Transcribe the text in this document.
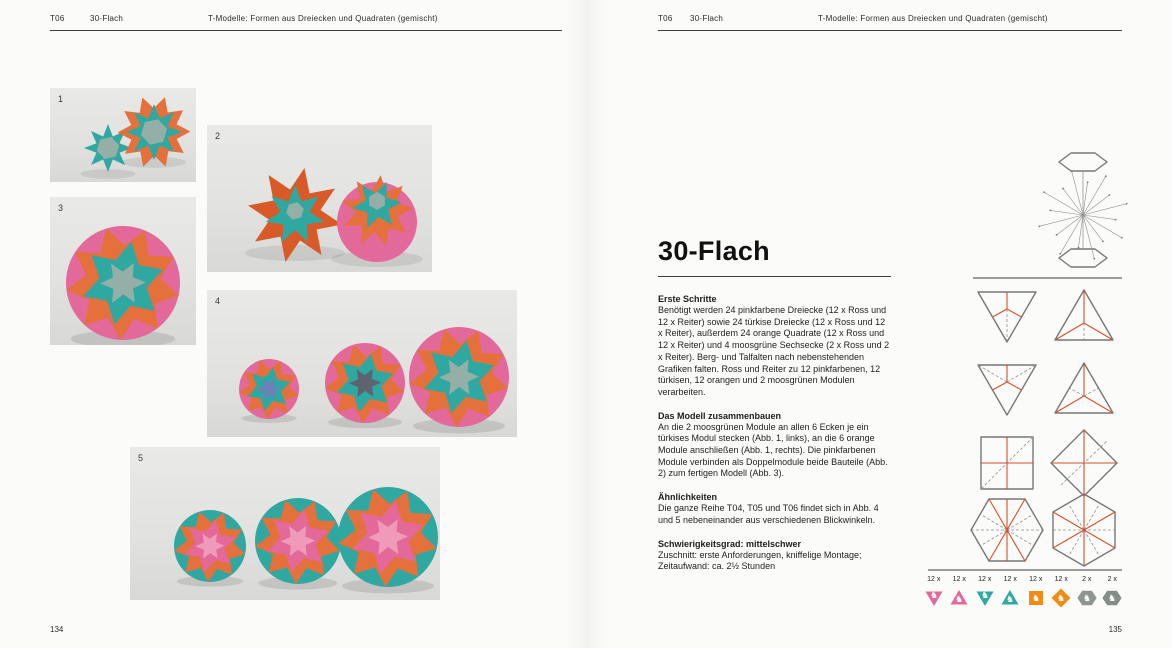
T06	30-Flach	T-Modelle: Formen aus Dreiecken und Quadraten (gemischt)
1
2
3
4
5
134
T06 30-Flach	T-Modelle: Formen aus Dreiecken und Quadraten (gemischt)
30-Flach
Erste Schritte

Benötigt werden 24 pinkfarbene Dreiecke (12 x Ross und 12 x Reiter) sowie 24 türkise Dreiecke (12 x Ross und 12 x Reiter), außerdem 24 orange Quadrate (12 x Ross und 12 x Reiter) und 4 moosgrüne Sechsecke (2 x Ross und 2 x Reiter). Berg- und Talfalten nach nebenstehenden Grafiken falten. Ross und Reiter zu 12 pinkfarbenen, 12 türkisen, 12 orangen und 2 moosgrünen Modulen verarbeiten.

Das Modell zusammenbauen

An die 2 moosgrünen Module an allen 6 Ecken je ein türkises Modul stecken (Abb. 1, links), an die 6 orange Module anschließen (Abb. 1, rechts). Die pinkfarbenen Module verbinden als Doppelmodule beide Bauteile (Abb. 2) zum fertigen Modell (Abb. 3).

Ähnlichkeiten

Die ganze Reihe T04, T05 und T06 findet sich in Abb. 4 und 5 nebeneinander aus verschiedenen Blickwinkeln.

Schwierigkeitsgrad: mittelschwer

Zuschnitt: erste Anforderungen, kniffelige Montage; Zeitaufwand: ca. 2½ Stunden

12 x
♞
12 x
♞
12 x
♞
12 x
♞
12 x
♞
12 x
♞
2 x
♞
2 x
♞
135
